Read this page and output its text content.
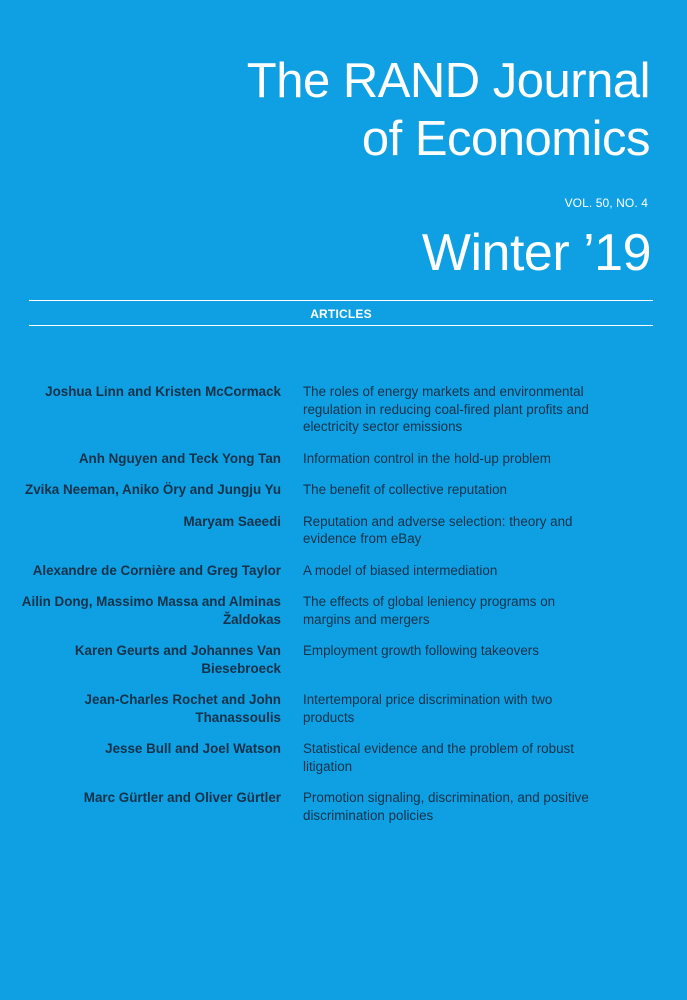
The RAND Journal
of Economics
VOL. 50, NO. 4
Winter ’19
ARTICLES
Joshua Linn and Kristen McCormack The roles of energy markets and environmental regulation in reducing coal-fired plant profits and electricity sector emissions
Anh Nguyen and Teck Yong Tan Information control in the hold-up problem
Zvika Neeman, Aniko Öry and Jungju Yu The benefit of collective reputation
Maryam Saeedi Reputation and adverse selection: theory and evidence from eBay
Alexandre de Cornière and Greg Taylor A model of biased intermediation
Ailin Dong, Massimo Massa and Alminas Žaldokas
The effects of global leniency programs on margins and mergers
Karen Geurts and Johannes Van Biesebroeck
Employment growth following takeovers
Jean-Charles Rochet and John Thanassoulis
Intertemporal price discrimination with two products
Jesse Bull and Joel Watson Statistical evidence and the problem of robust litigation
Marc Gürtler and Oliver Gürtler Promotion signaling, discrimination, and positive discrimination policies
